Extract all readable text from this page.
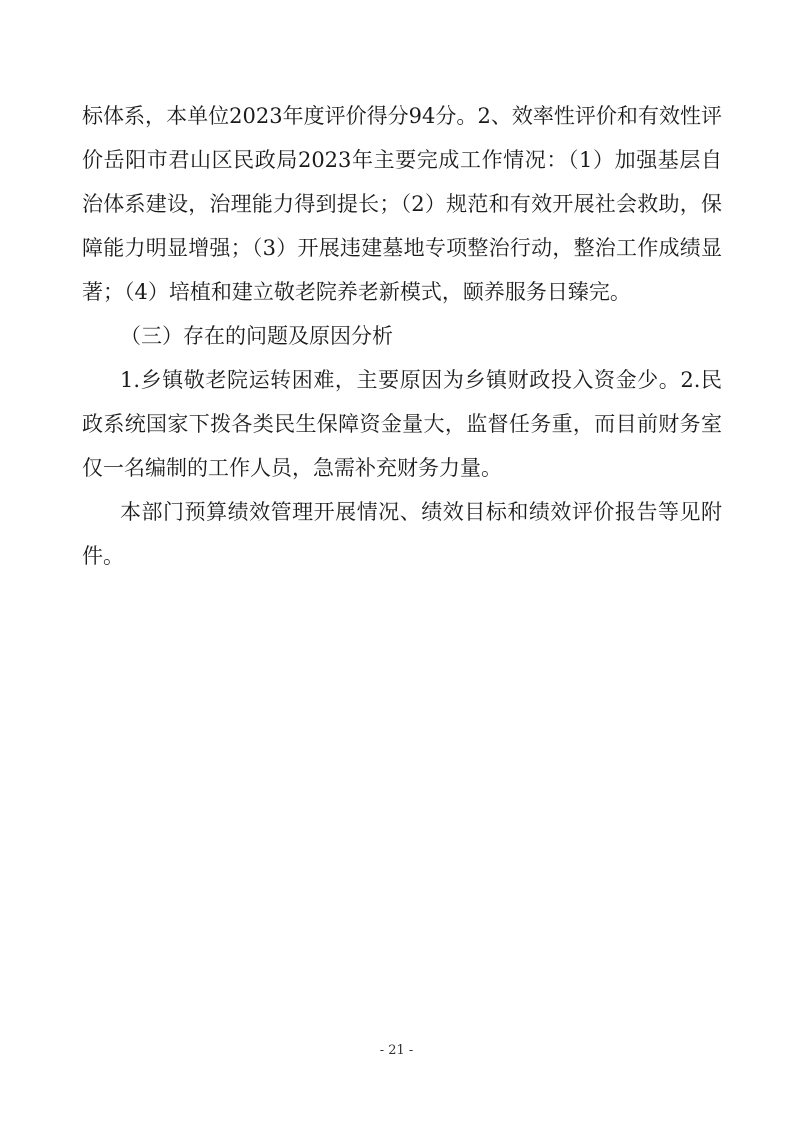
标体系，本单位2023年度评价得分94分。2、效率性评价和有效性评
价岳阳市君山区民政局2023年主要完成工作情况：（1）加强基层自
治体系建设，治理能力得到提长；（2）规范和有效开展社会救助，保
障能力明显增强；（3）开展违建墓地专项整治行动，整治工作成绩显
著；（4）培植和建立敬老院养老新模式，颐养服务日臻完。
（三）存在的问题及原因分析
1.乡镇敬老院运转困难，主要原因为乡镇财政投入资金少。2.民
政系统国家下拨各类民生保障资金量大，监督任务重，而目前财务室
仅一名编制的工作人员，急需补充财务力量。
本部门预算绩效管理开展情况、绩效目标和绩效评价报告等见附
件。
- 21 -
